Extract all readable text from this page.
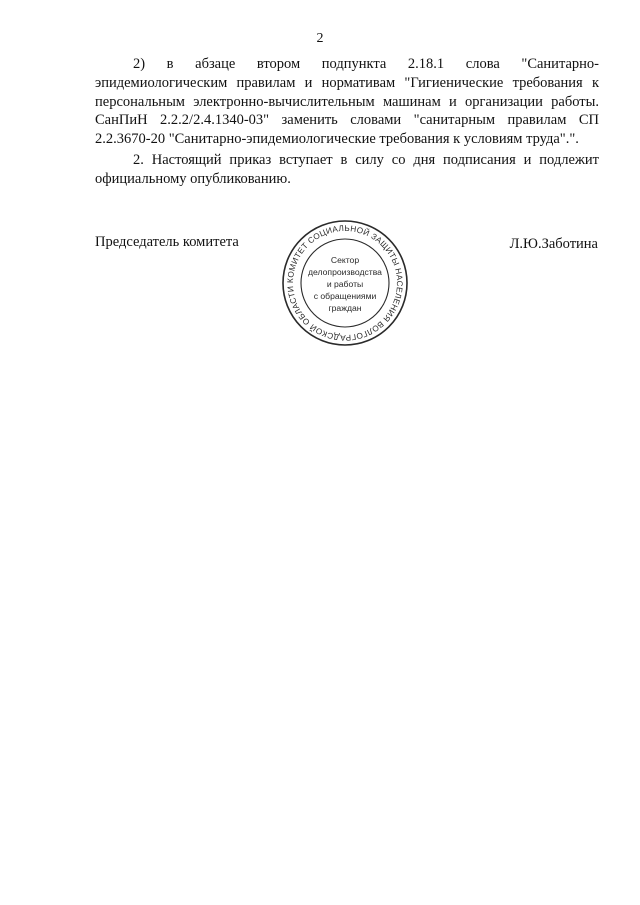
2

2) в абзаце втором подпункта 2.18.1 слова "Санитарно-эпидемиологическим правилам и нормативам "Гигиенические требования к персональным электронно-вычислительным машинам и организации работы. СанПиН 2.2.2/2.4.1340-03" заменить словами "санитарным правилам СП 2.2.3670-20 "Санитарно-эпидемиологические требования к условиям труда".".

2. Настоящий приказ вступает в силу со дня подписания и подлежит официальному опубликованию.

Председатель комитета
КОМИТЕТ СОЦИАЛЬНОЙ ЗАЩИТЫ НАСЕЛЕНИЯ ВОЛГОГРАДСКОЙ ОБЛАСТИ
Сектор
делопроизводства
и работы
с обращениями
граждан
Л.Ю.Заботина
